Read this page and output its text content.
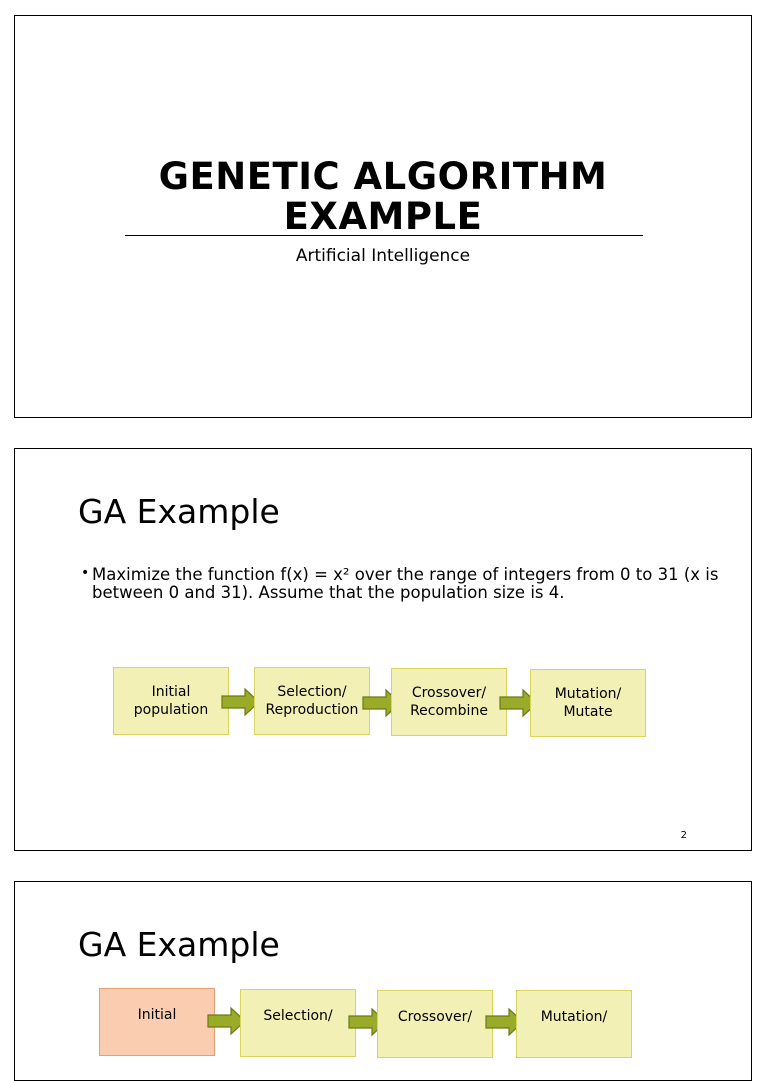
GENETIC ALGORITHM
EXAMPLE
Artificial Intelligence
GA Example
• Maximize the function f(x) = x² over the range of integers from 0 to 31 (x is between 0 and 31). Assume that the population size is 4.
Initial
population
Selection/
Reproduction
Crossover/
Recombine
Mutation/
Mutate
2
GA Example
Initial	Selection/	Crossover/	Mutation/
